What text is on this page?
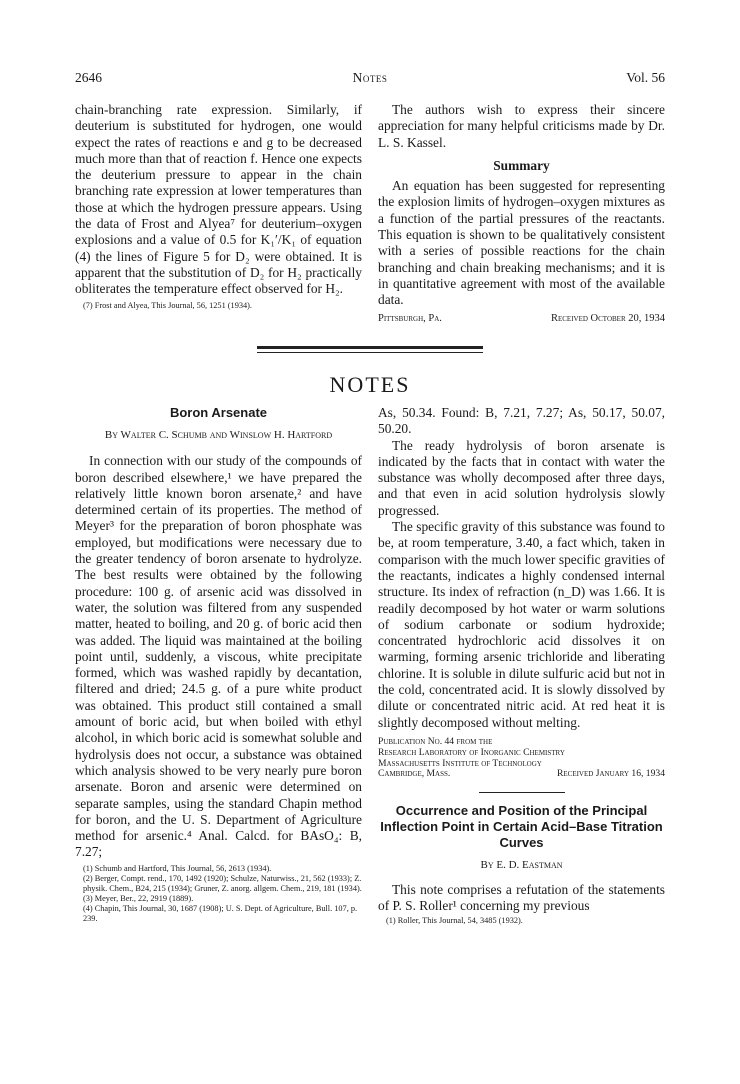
2646	Notes	Vol. 56

chain-branching rate expression. Similarly, if deuterium is substituted for hydrogen, one would expect the rates of reactions e and g to be decreased much more than that of reaction f. Hence one expects the deuterium pressure to appear in the chain branching rate expression at lower temperatures than those at which the hydrogen pressure appears. Using the data of Frost and Alyea⁷ for deuterium–oxygen explosions and a value of 0.5 for K₁′/K₁ of equation (4) the lines of Figure 5 for D₂ were obtained. It is apparent that the substitution of D₂ for H₂ practically obliterates the temperature effect observed for H₂.

(7) Frost and Alyea, This Journal, 56, 1251 (1934).

The authors wish to express their sincere appreciation for many helpful criticisms made by Dr. L. S. Kassel.

Summary

An equation has been suggested for representing the explosion limits of hydrogen–oxygen mixtures as a function of the partial pressures of the reactants. This equation is shown to be qualitatively consistent with a series of possible reactions for the chain branching and chain breaking mechanisms; and it is in quantitative agreement with most of the available data.

Pittsburgh, Pa.	Received October 20, 1934
NOTES

Boron Arsenate

By Walter C. Schumb and Winslow H. Hartford

In connection with our study of the compounds of boron described elsewhere,¹ we have prepared the relatively little known boron arsenate,² and have determined certain of its properties. The method of Meyer³ for the preparation of boron phosphate was employed, but modifications were necessary due to the greater tendency of boron arsenate to hydrolyze. The best results were obtained by the following procedure: 100 g. of arsenic acid was dissolved in water, the solution was filtered from any suspended matter, heated to boiling, and 20 g. of boric acid then was added. The liquid was maintained at the boiling point until, suddenly, a viscous, white precipitate formed, which was washed rapidly by decantation, filtered and dried; 24.5 g. of a pure white product was obtained. This product still contained a small amount of boric acid, but when boiled with ethyl alcohol, in which boric acid is somewhat soluble and hydrolysis does not occur, a substance was obtained which analysis showed to be very nearly pure boron arsenate. Boron and arsenic were determined on separate samples, using the standard Chapin method for boron, and the U. S. Department of Agriculture method for arsenic.⁴ Anal. Calcd. for BAsO₄: B, 7.27;

(1) Schumb and Hartford, This Journal, 56, 2613 (1934).

(2) Berger, Compt. rend., 170, 1492 (1920); Schulze, Naturwiss., 21, 562 (1933); Z. physik. Chem., B24, 215 (1934); Gruner, Z. anorg. allgem. Chem., 219, 181 (1934).

(3) Meyer, Ber., 22, 2919 (1889).

(4) Chapin, This Journal, 30, 1687 (1908); U. S. Dept. of Agriculture, Bull. 107, p. 239.

As, 50.34. Found: B, 7.21, 7.27; As, 50.17, 50.07, 50.20.

The ready hydrolysis of boron arsenate is indicated by the facts that in contact with water the substance was wholly decomposed after three days, and that even in acid solution hydrolysis slowly progressed.

The specific gravity of this substance was found to be, at room temperature, 3.40, a fact which, taken in comparison with the much lower specific gravities of the reactants, indicates a highly condensed internal structure. Its index of refraction (n_D) was 1.66. It is readily decomposed by hot water or warm solutions of sodium carbonate or sodium hydroxide; concentrated hydrochloric acid dissolves it on warming, forming arsenic trichloride and liberating chlorine. It is soluble in dilute sulfuric acid but not in the cold, concentrated acid. It is slowly dissolved by dilute or concentrated nitric acid. At red heat it is slightly decomposed without melting.

Publication No. 44 from the
Research Laboratory of Inorganic Chemistry
Massachusetts Institute of Technology
Cambridge, Mass.	Received January 16, 1934

Occurrence and Position of the Principal Inflection Point in Certain Acid–Base Titration Curves

By E. D. Eastman

This note comprises a refutation of the statements of P. S. Roller¹ concerning my previous

(1) Roller, This Journal, 54, 3485 (1932).
